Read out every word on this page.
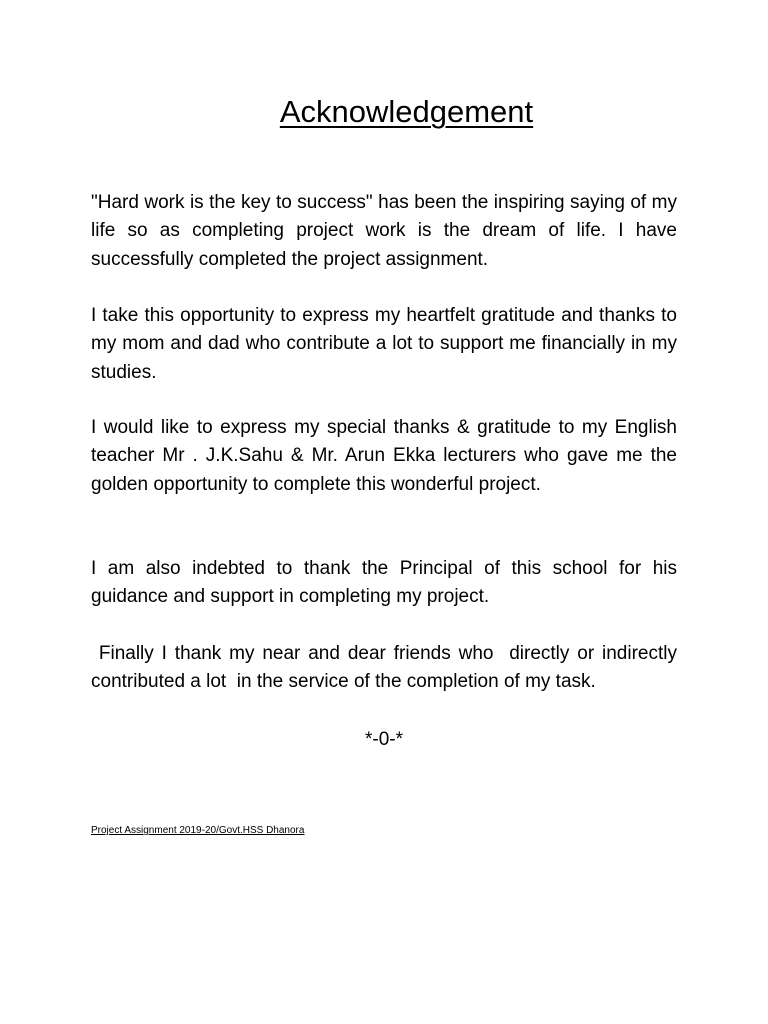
Acknowledgement

"Hard work is the key to success" has been the inspiring saying of my life so as completing project work is the dream of life. I have successfully completed the project assignment.

I take this opportunity to express my heartfelt gratitude and thanks to my mom and dad who contribute a lot to support me financially in my studies.

I would like to express my special thanks & gratitude to my English teacher Mr . J.K.Sahu & Mr. Arun Ekka lecturers who gave me the golden opportunity to complete this wonderful project.

I am also indebted to thank the Principal of this school for his guidance and support in completing my project.

Finally I thank my near and dear friends who  directly or indirectly contributed a lot  in the service of the completion of my task.

*-0-*

Project Assignment 2019-20/Govt.HSS Dhanora
